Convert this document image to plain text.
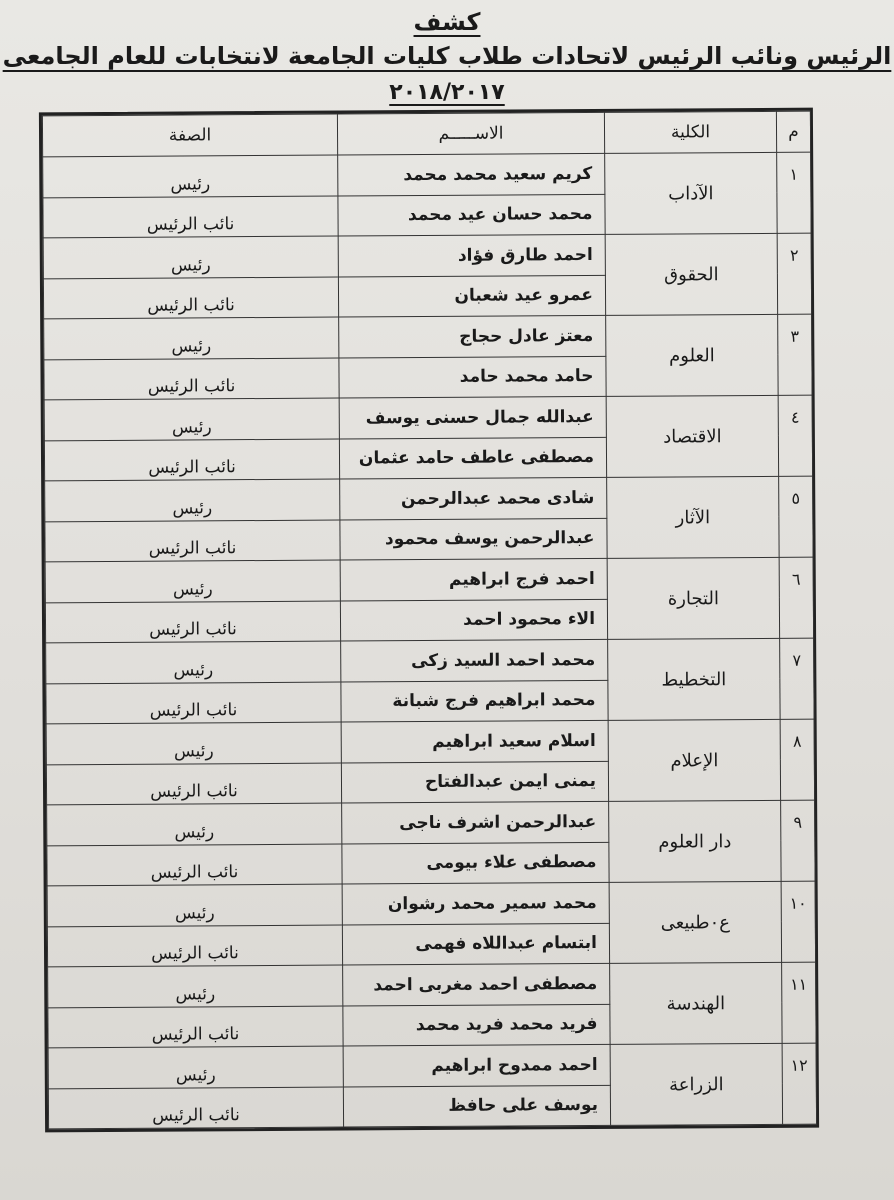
كشف
الرئيس ونائب الرئيس لاتحادات طلاب كليات الجامعة لانتخابات للعام الجامعى
٢٠١٨/٢٠١٧
م	الكلية	الاســـــم	الصفة
١	الآداب	كريم سعيد محمد محمد	رئيس
		محمد حسان عيد محمد	نائب الرئيس
٢	الحقوق	احمد طارق فؤاد	رئيس
		عمرو عيد شعبان	نائب الرئيس
٣	العلوم	معتز عادل حجاج	رئيس
		حامد محمد حامد	نائب الرئيس
٤	الاقتصاد	عبدالله جمال حسنى يوسف	رئيس
		مصطفى عاطف حامد عثمان	نائب الرئيس
٥	الآثار	شادى محمد عبدالرحمن	رئيس
		عبدالرحمن يوسف محمود	نائب الرئيس
٦	التجارة	احمد فرج ابراهيم	رئيس
		الاء محمود احمد	نائب الرئيس
٧	التخطيط	محمد احمد السيد زكى	رئيس
		محمد ابراهيم فرج شبانة	نائب الرئيس
٨	الإعلام	اسلام سعيد ابراهيم	رئيس
		يمنى ايمن عبدالفتاح	نائب الرئيس
٩	دار العلوم	عبدالرحمن اشرف ناجى	رئيس
		مصطفى علاء بيومى	نائب الرئيس
١٠	ع٠طبيعى	محمد سمير محمد رشوان	رئيس
		ابتسام عبداللاه فهمى	نائب الرئيس
١١	الهندسة	مصطفى احمد مغربى احمد	رئيس
		فريد محمد فريد محمد	نائب الرئيس
١٢	الزراعة	احمد ممدوح ابراهيم	رئيس
		يوسف على حافظ	نائب الرئيس
